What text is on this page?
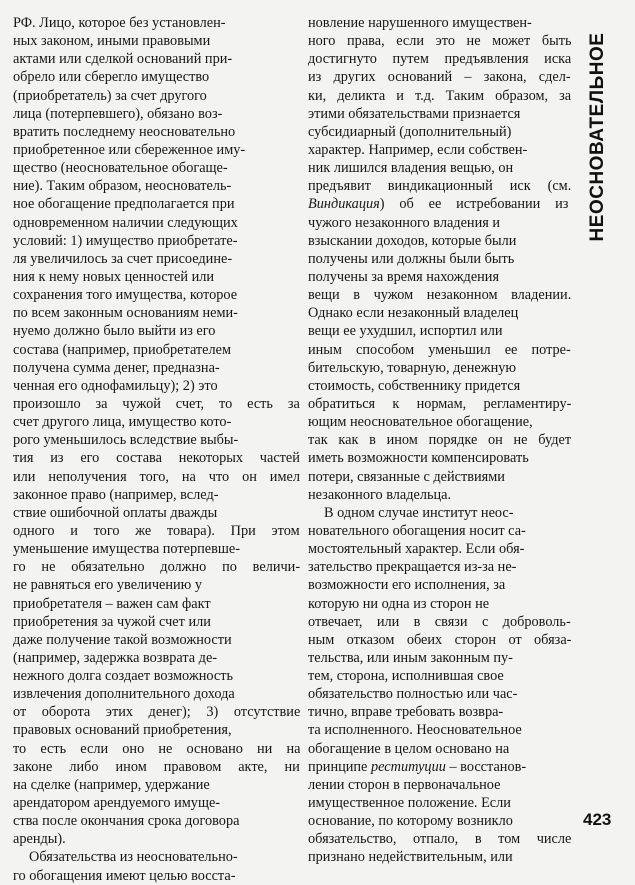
РФ. Лицо, которое без установлен-
ных законом, иными правовыми
актами или сделкой оснований при-
обрело или сберегло имущество
(приобретатель) за счет другого
лица (потерпевшего), обязано воз-
вратить последнему неосновательно
приобретенное или сбереженное иму-
щество (неосновательное обогаще-
ние). Таким образом, неоснователь-
ное обогащение предполагается при
одновременном наличии следующих
условий: 1) имущество приобретате-
ля увеличилось за счет присоедине-
ния к нему новых ценностей или
сохранения того имущества, которое
по всем законным основаниям неми-
нуемо должно было выйти из его
состава (например, приобретателем
получена сумма денег, предназна-
ченная его однофамильцу); 2) это
произошло за чужой счет, то есть за
счет другого лица, имущество кото-
рого уменьшилось вследствие выбы-
тия из его состава некоторых частей
или неполучения того, на что он имел
законное право (например, вслед-
ствие ошибочной оплаты дважды
одного и того же товара). При этом
уменьшение имущества потерпевше-
го не обязательно должно по величи-
не равняться его увеличению у
приобретателя – важен сам факт
приобретения за чужой счет или
даже получение такой возможности
(например, задержка возврата де-
нежного долга создает возможность
извлечения дополнительного дохода
от оборота этих денег); 3) отсутствие
правовых оснований приобретения,
то есть если оно не основано ни на
законе либо ином правовом акте, ни
на сделке (например, удержание
арендатором арендуемого имуще-
ства после окончания срока договора
аренды).
Обязательства из неосновательно-
го обогащения имеют целью восста-
новление нарушенного имуществен-
ного права, если это не может быть
достигнуто путем предъявления иска
из других оснований – закона, сдел-
ки, деликта и т.д. Таким образом, за
этими обязательствами признается
субсидиарный (дополнительный)
характер. Например, если собствен-
ник лишился владения вещью, он
предъявит виндикационный иск (см.
Виндикация) об ее истребовании из
чужого незаконного владения и
взыскании доходов, которые были
получены или должны были быть
получены за время нахождения
вещи в чужом незаконном владении.
Однако если незаконный владелец
вещи ее ухудшил, испортил или
иным способом уменьшил ее потре-
бительскую, товарную, денежную
стоимость, собственнику придется
обратиться к нормам, регламентиру-
ющим неосновательное обогащение,
так как в ином порядке он не будет
иметь возможности компенсировать
потери, связанные с действиями
незаконного владельца.
В одном случае институт неос-
новательного обогащения носит са-
мостоятельный характер. Если обя-
зательство прекращается из-за не-
возможности его исполнения, за
которую ни одна из сторон не
отвечает, или в связи с доброволь-
ным отказом обеих сторон от обяза-
тельства, или иным законным пу-
тем, сторона, исполнившая свое
обязательство полностью или час-
тично, вправе требовать возвра-
та исполненного. Неосновательное
обогащение в целом основано на
принципе реституции – восстанов-
лении сторон в первоначальное
имущественное положение. Если
основание, по которому возникло
обязательство, отпало, в том числе
признано недействительным, или
НЕОСНОВАТЕЛЬНОЕ
423
